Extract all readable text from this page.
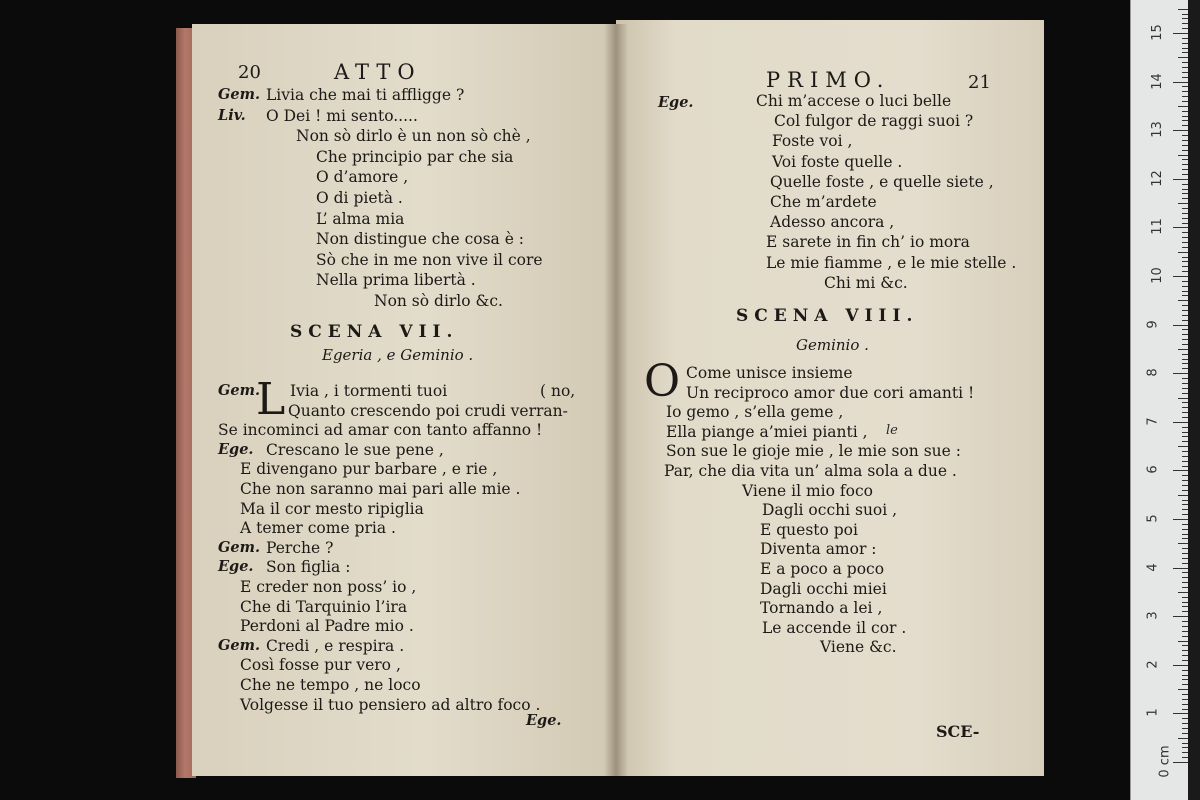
20	ATTO
Gem. Livia che mai ti affligge ?
Liv. O Dei ! mi sento.....
Non sò dirlo è un non sò chè ,
Che principio par che sia
O d’amore ,
O di pietà .
L’ alma mia
Non distingue che cosa è :
Sò che in me non vive il core
Nella prima libertà .
Non sò dirlo &c.
SCENA VII.
Egeria , e Geminio .
L
Gem. Ivia , i tormenti tuoi	( no,
Quanto crescendo poi crudi verran-
Se incominci ad amar con tanto affanno !
Ege. Crescano le sue pene ,
E divengano pur barbare , e rie ,
Che non saranno mai pari alle mie .
Ma il cor mesto ripiglia
A temer come pria .
Gem. Perche ?
Ege. Son figlia :
E creder non poss’ io ,
Che di Tarquinio l’ira
Perdoni al Padre mio .
Gem. Credi , e respira .
Così fosse pur vero ,
Che ne tempo , ne loco
Volgesse il tuo pensiero ad altro foco .
Ege.
PRIMO.	21
Ege.	Chi m’accese o luci belle
Col fulgor de raggi suoi ?
Foste voi ,
Voi foste quelle .
Quelle foste , e quelle siete ,
Che m’ardete
Adesso ancora ,
E sarete in fin ch’ io mora
Le mie fiamme , e le mie stelle .
Chi mi &c.
SCENA VIII.
Geminio .
O Come unisce insieme
Un reciproco amor due cori amanti !
Io gemo , s’ella geme ,
Ella piange a’miei pianti ,
Son sue le gioje mie , le mie son sue :
Par, che dia vita un’ alma sola a due .
Viene il mio foco
Dagli occhi suoi ,
E questo poi
Diventa amor :
E a poco a poco
Dagli occhi miei
Tornando a lei ,
Le accende il cor .
Viene &c.
le
SCE-
0 cm
1
2
3
4
5
6
7
8
9
10
11
12
13
14
15
